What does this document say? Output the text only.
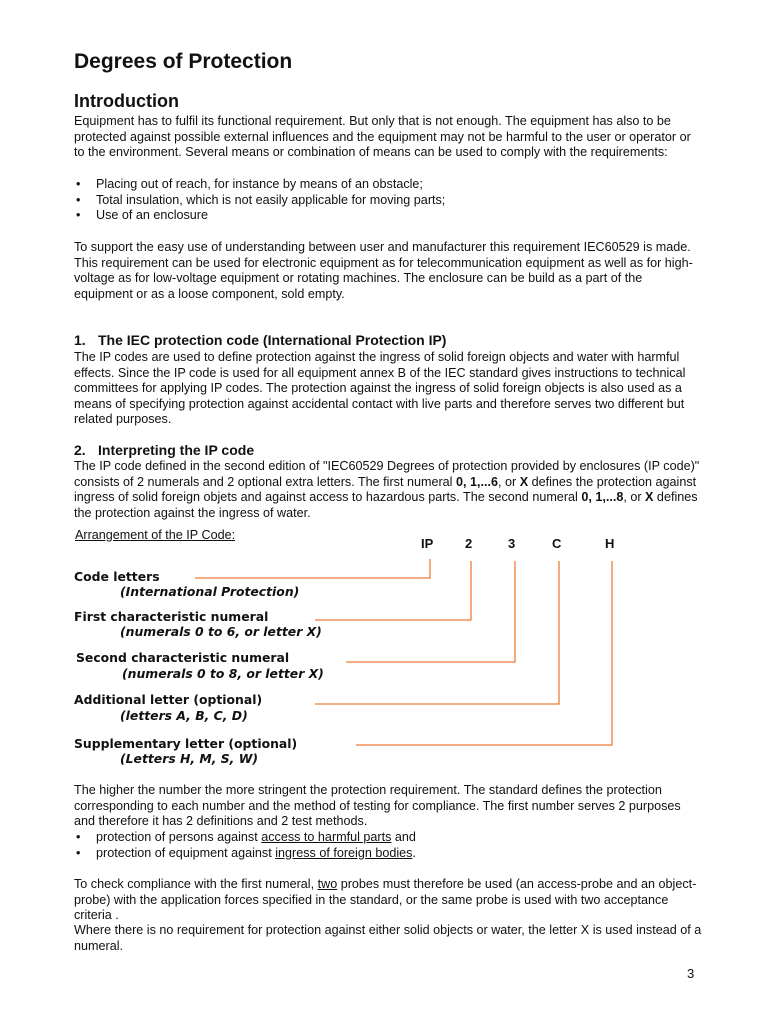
Degrees of Protection
Introduction

Equipment has to fulfil its functional requirement. But only that is not enough. The equipment has also to be protected against possible external influences and the equipment may not be harmful to the user or operator or to the environment. Several means or combination of means can be used to comply with the requirements:

• Placing out of reach, for instance by means of an obstacle;
• Total insulation, which is not easily applicable for moving parts;
• Use of an enclosure

To support the easy use of understanding between user and manufacturer this requirement IEC60529 is made. This requirement can be used for electronic equipment as for telecommunication equipment as well as for high-voltage as for low-voltage equipment or rotating machines. The enclosure can be build as a part of the equipment or as a loose component, sold empty.

1. The IEC protection code (International Protection IP)

The IP codes are used to define protection against the ingress of solid foreign objects and water with harmful effects. Since the IP code is used for all equipment annex B of the IEC standard gives instructions to technical committees for applying IP codes. The protection against the ingress of solid foreign objects is also used as a means of specifying protection against accidental contact with live parts and therefore serves two different but related purposes.

2. Interpreting the IP code

The IP code defined in the second edition of "IEC60529 Degrees of protection provided by enclosures (IP code)" consists of 2 numerals and 2 optional extra letters. The first numeral 0, 1,...6, or X defines the protection against ingress of solid foreign objets and against access to hazardous parts. The second numeral 0, 1,...8, or X defines the protection against the ingress of water.

Arrangement of the IP Code:
IP 2	3	C	H
Code letters
(International Protection)
First characteristic numeral
(numerals 0 to 6, or letter X)
Second characteristic numeral
(numerals 0 to 8, or letter X)
Additional letter (optional)
(letters A, B, C, D)
Supplementary letter (optional)
(Letters H, M, S, W)

The higher the number the more stringent the protection requirement. The standard defines the protection corresponding to each number and the method of testing for compliance. The first number serves 2 purposes and therefore it has 2 definitions and 2 test methods.

• protection of persons against access to harmful parts and
• protection of equipment against ingress of foreign bodies.

To check compliance with the first numeral, two probes must therefore be used (an access-probe and an object-probe) with the application forces specified in the standard, or the same probe is used with two acceptance criteria .

Where there is no requirement for protection against either solid objects or water, the letter X is used instead of a numeral.

3
